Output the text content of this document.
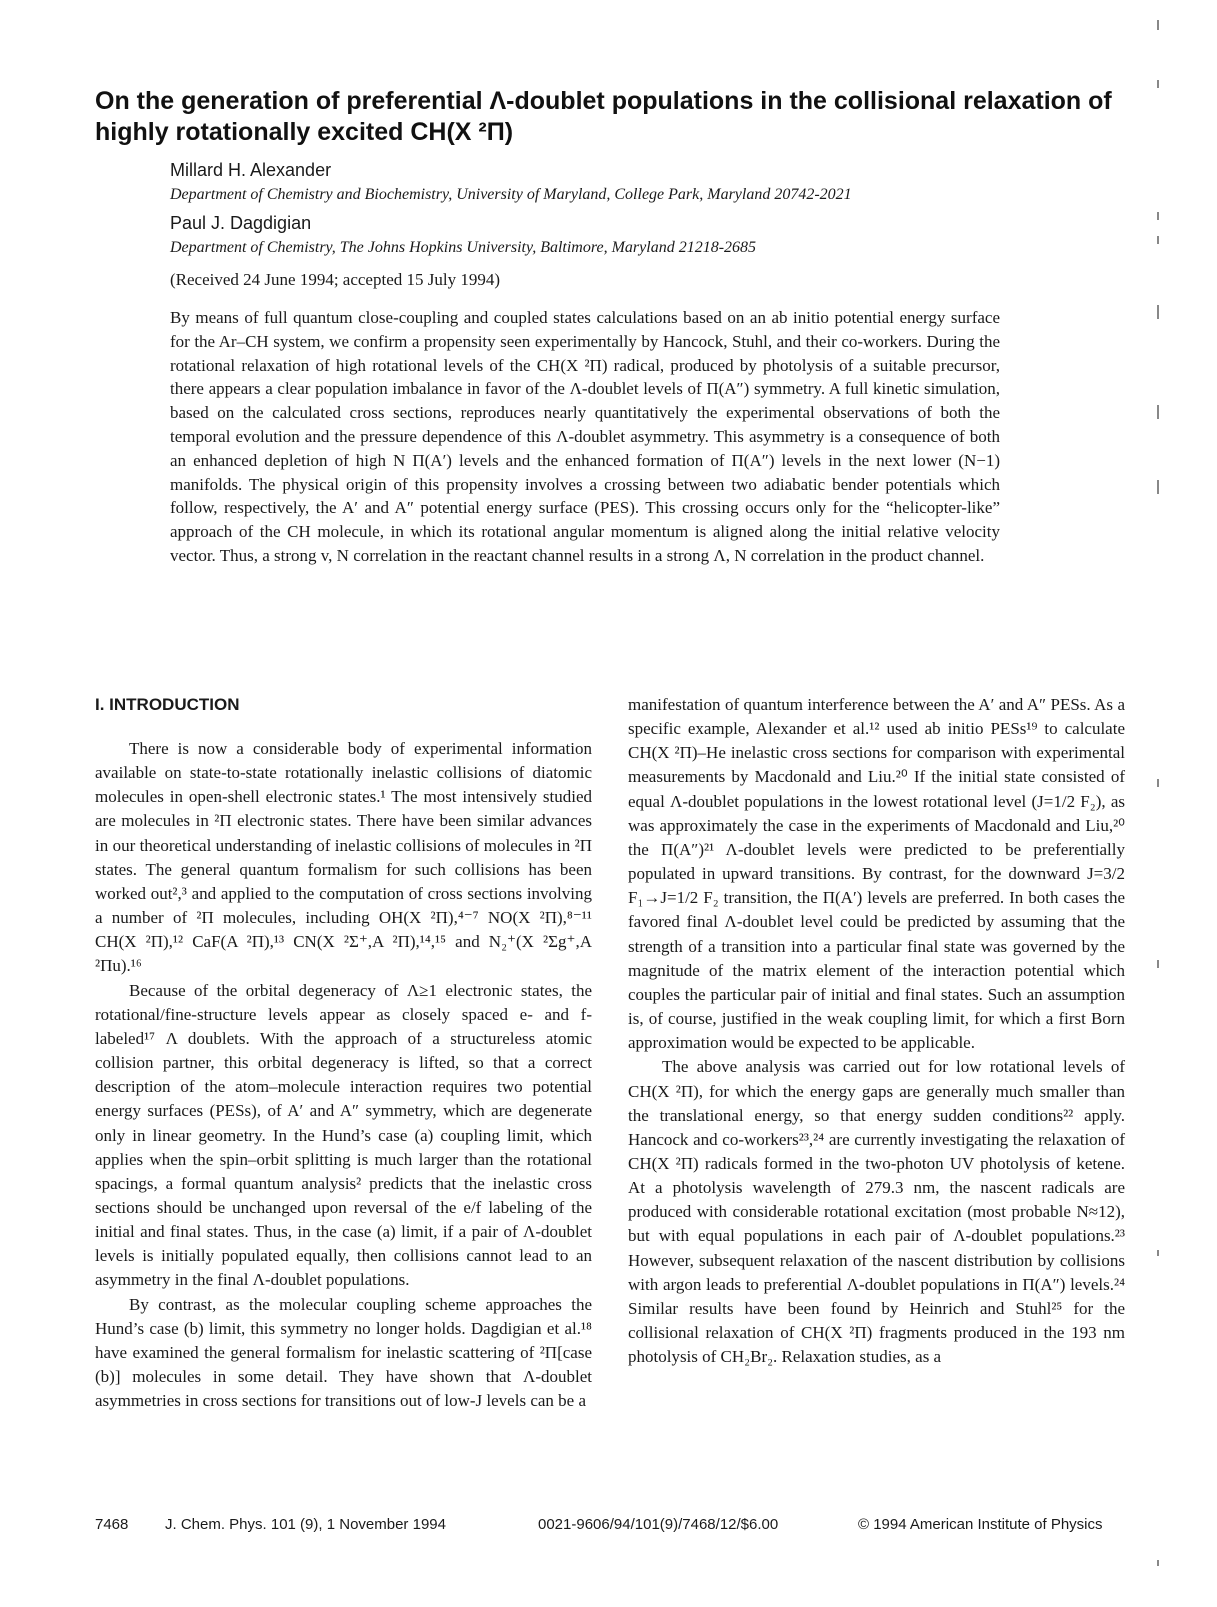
On the generation of preferential Λ-doublet populations in the collisional relaxation of highly rotationally excited CH(X ²Π)

Millard H. Alexander

Department of Chemistry and Biochemistry, University of Maryland, College Park, Maryland 20742-2021

Paul J. Dagdigian

Department of Chemistry, The Johns Hopkins University, Baltimore, Maryland 21218-2685

(Received 24 June 1994; accepted 15 July 1994)

By means of full quantum close-coupling and coupled states calculations based on an ab initio potential energy surface for the Ar–CH system, we confirm a propensity seen experimentally by Hancock, Stuhl, and their co-workers. During the rotational relaxation of high rotational levels of the CH(X ²Π) radical, produced by photolysis of a suitable precursor, there appears a clear population imbalance in favor of the Λ-doublet levels of Π(A″) symmetry. A full kinetic simulation, based on the calculated cross sections, reproduces nearly quantitatively the experimental observations of both the temporal evolution and the pressure dependence of this Λ-doublet asymmetry. This asymmetry is a consequence of both an enhanced depletion of high N Π(A′) levels and the enhanced formation of Π(A″) levels in the next lower (N−1) manifolds. The physical origin of this propensity involves a crossing between two adiabatic bender potentials which follow, respectively, the A′ and A″ potential energy surface (PES). This crossing occurs only for the “helicopter-like” approach of the CH molecule, in which its rotational angular momentum is aligned along the initial relative velocity vector. Thus, a strong v, N correlation in the reactant channel results in a strong Λ, N correlation in the product channel.

I. INTRODUCTION

There is now a considerable body of experimental information available on state-to-state rotationally inelastic collisions of diatomic molecules in open-shell electronic states.¹ The most intensively studied are molecules in ²Π electronic states. There have been similar advances in our theoretical understanding of inelastic collisions of molecules in ²Π states. The general quantum formalism for such collisions has been worked out²,³ and applied to the computation of cross sections involving a number of ²Π molecules, including OH(X ²Π),⁴⁻⁷ NO(X ²Π),⁸⁻¹¹ CH(X ²Π),¹² CaF(A ²Π),¹³ CN(X ²Σ⁺,A ²Π),¹⁴,¹⁵ and N₂⁺(X ²Σg⁺,A ²Πu).¹⁶

Because of the orbital degeneracy of Λ≥1 electronic states, the rotational/fine-structure levels appear as closely spaced e- and f-labeled¹⁷ Λ doublets. With the approach of a structureless atomic collision partner, this orbital degeneracy is lifted, so that a correct description of the atom–molecule interaction requires two potential energy surfaces (PESs), of A′ and A″ symmetry, which are degenerate only in linear geometry. In the Hund’s case (a) coupling limit, which applies when the spin–orbit splitting is much larger than the rotational spacings, a formal quantum analysis² predicts that the inelastic cross sections should be unchanged upon reversal of the e/f labeling of the initial and final states. Thus, in the case (a) limit, if a pair of Λ-doublet levels is initially populated equally, then collisions cannot lead to an asymmetry in the final Λ-doublet populations.

By contrast, as the molecular coupling scheme approaches the Hund’s case (b) limit, this symmetry no longer holds. Dagdigian et al.¹⁸ have examined the general formalism for inelastic scattering of ²Π[case (b)] molecules in some detail. They have shown that Λ-doublet asymmetries in cross sections for transitions out of low-J levels can be a

manifestation of quantum interference between the A′ and A″ PESs. As a specific example, Alexander et al.¹² used ab initio PESs¹⁹ to calculate CH(X ²Π)–He inelastic cross sections for comparison with experimental measurements by Macdonald and Liu.²⁰ If the initial state consisted of equal Λ-doublet populations in the lowest rotational level (J=1/2 F₂), as was approximately the case in the experiments of Macdonald and Liu,²⁰ the Π(A″)²¹ Λ-doublet levels were predicted to be preferentially populated in upward transitions. By contrast, for the downward J=3/2 F₁→J=1/2 F₂ transition, the Π(A′) levels are preferred. In both cases the favored final Λ-doublet level could be predicted by assuming that the strength of a transition into a particular final state was governed by the magnitude of the matrix element of the interaction potential which couples the particular pair of initial and final states. Such an assumption is, of course, justified in the weak coupling limit, for which a first Born approximation would be expected to be applicable.

The above analysis was carried out for low rotational levels of CH(X ²Π), for which the energy gaps are generally much smaller than the translational energy, so that energy sudden conditions²² apply. Hancock and co-workers²³,²⁴ are currently investigating the relaxation of CH(X ²Π) radicals formed in the two-photon UV photolysis of ketene. At a photolysis wavelength of 279.3 nm, the nascent radicals are produced with considerable rotational excitation (most probable N≈12), but with equal populations in each pair of Λ-doublet populations.²³ However, subsequent relaxation of the nascent distribution by collisions with argon leads to preferential Λ-doublet populations in Π(A″) levels.²⁴ Similar results have been found by Heinrich and Stuhl²⁵ for the collisional relaxation of CH(X ²Π) fragments produced in the 193 nm photolysis of CH₂Br₂. Relaxation studies, as a

7468 J. Chem. Phys. 101 (9), 1 November 1994	0021-9606/94/101(9)/7468/12/$6.00	© 1994 American Institute of Physics
